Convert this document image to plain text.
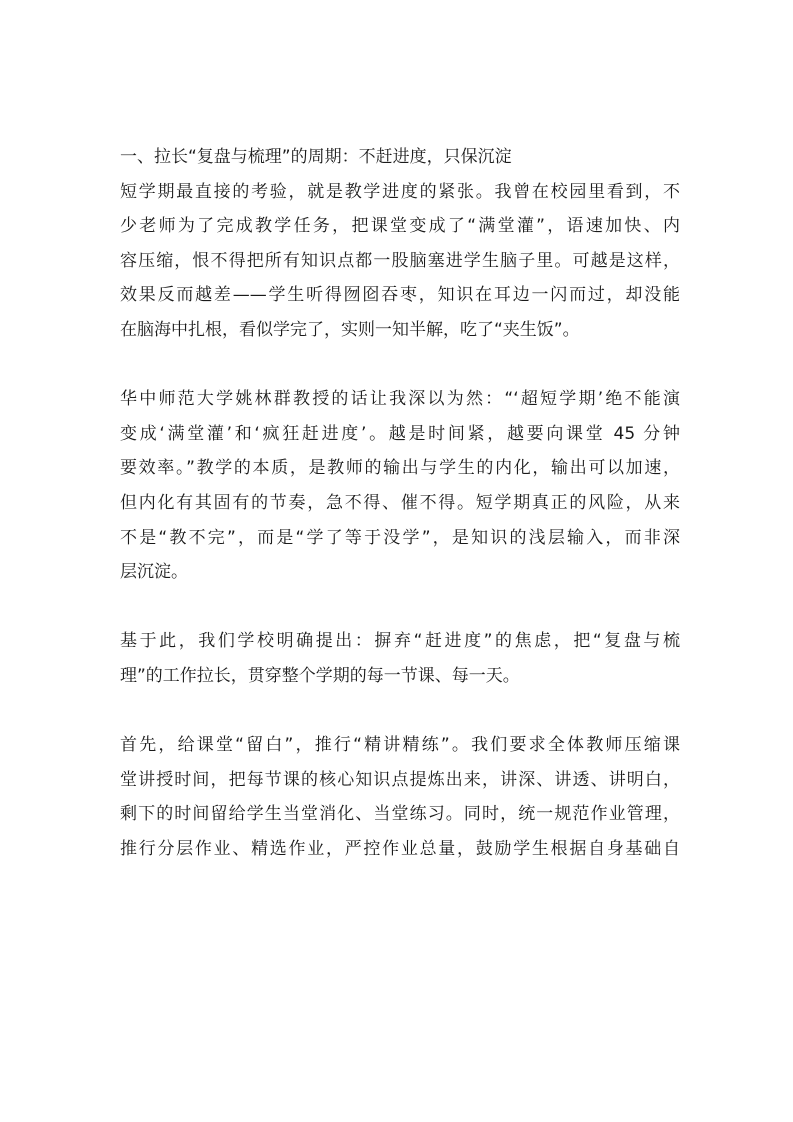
一、拉长“复盘与梳理”的周期：不赶进度，只保沉淀
短学期最直接的考验，就是教学进度的紧张。我曾在校园里看到，不
少老师为了完成教学任务，把课堂变成了“满堂灌”，语速加快、内
容压缩，恨不得把所有知识点都一股脑塞进学生脑子里。可越是这样，
效果反而越差——学生听得囫囵吞枣，知识在耳边一闪而过，却没能
在脑海中扎根，看似学完了，实则一知半解，吃了“夹生饭”。
华中师范大学姚林群教授的话让我深以为然：“‘超短学期’绝不能演
变成‘满堂灌’和‘疯狂赶进度’。越是时间紧，越要向课堂 45 分钟
要效率。”教学的本质，是教师的输出与学生的内化，输出可以加速，
但内化有其固有的节奏，急不得、催不得。短学期真正的风险，从来
不是“教不完”，而是“学了等于没学”，是知识的浅层输入，而非深
层沉淀。
基于此，我们学校明确提出：摒弃“赶进度”的焦虑，把“复盘与梳
理”的工作拉长，贯穿整个学期的每一节课、每一天。
首先，给课堂“留白”，推行“精讲精练”。我们要求全体教师压缩课
堂讲授时间，把每节课的核心知识点提炼出来，讲深、讲透、讲明白，
剩下的时间留给学生当堂消化、当堂练习。同时，统一规范作业管理，
推行分层作业、精选作业，严控作业总量，鼓励学生根据自身基础自
